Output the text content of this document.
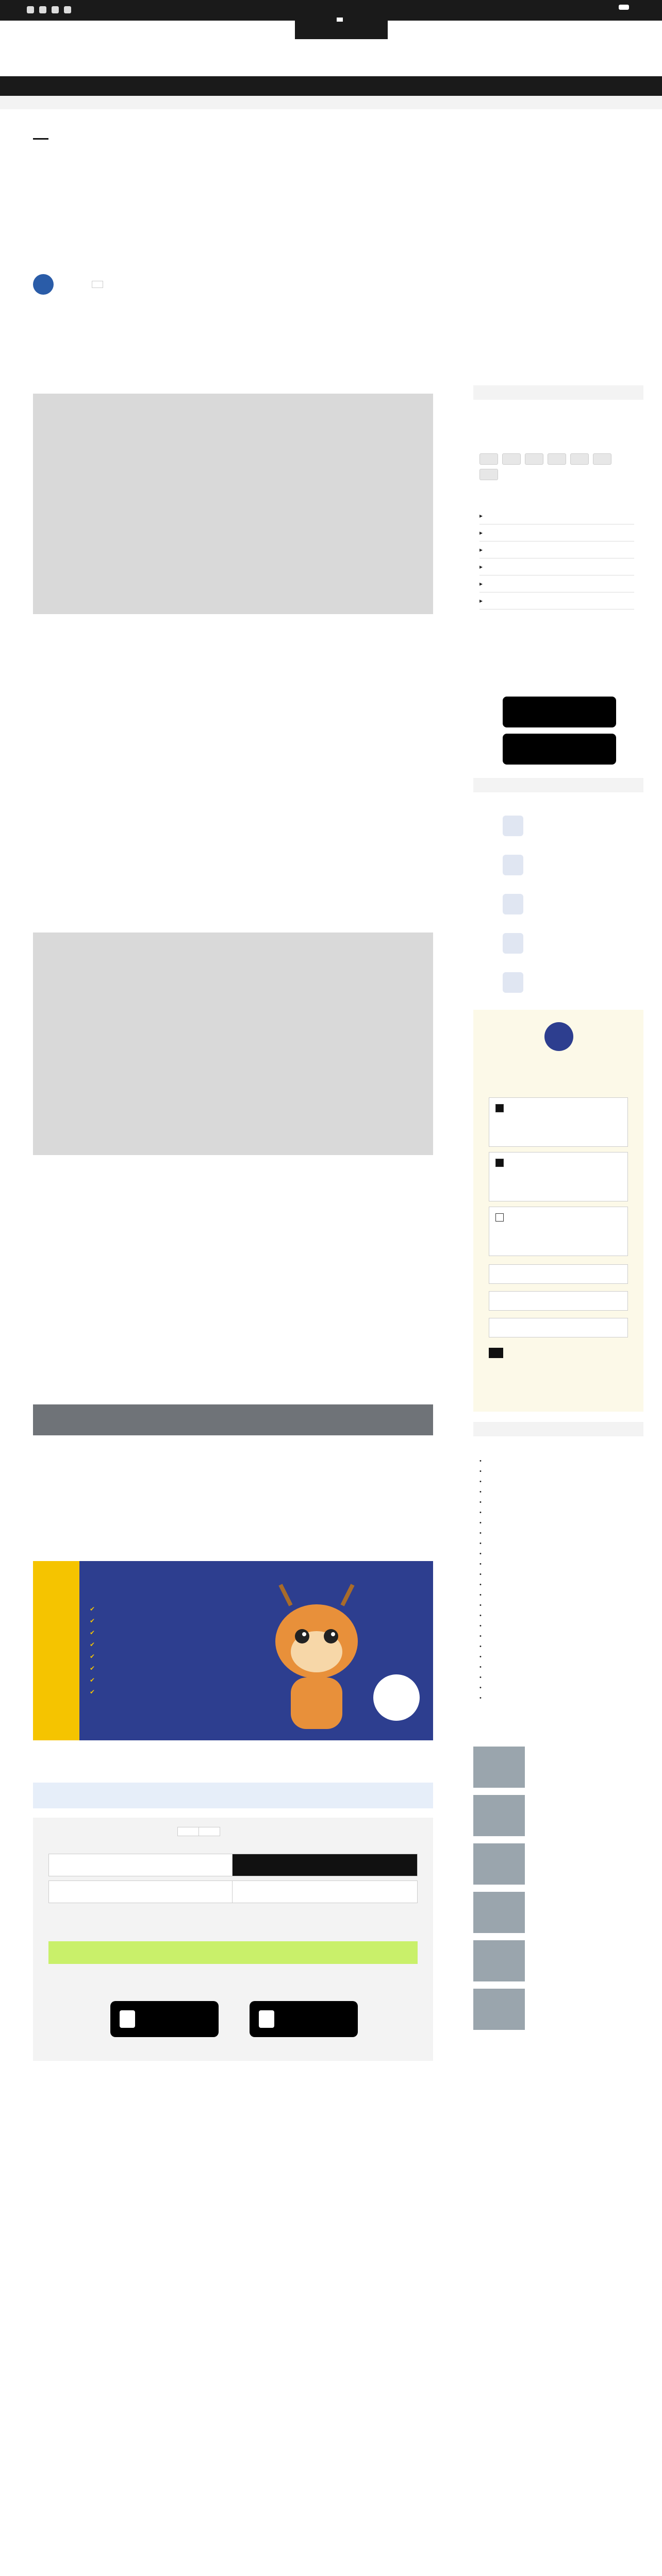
✔
✔
✔
✔
✔
✔
✔
✔
▸
▸
▸
▸
▸
▸
•
•
•
•
•
•
•
•
•
•
•
•
•
•
•
•
•
•
•
•
•
•
•
•
